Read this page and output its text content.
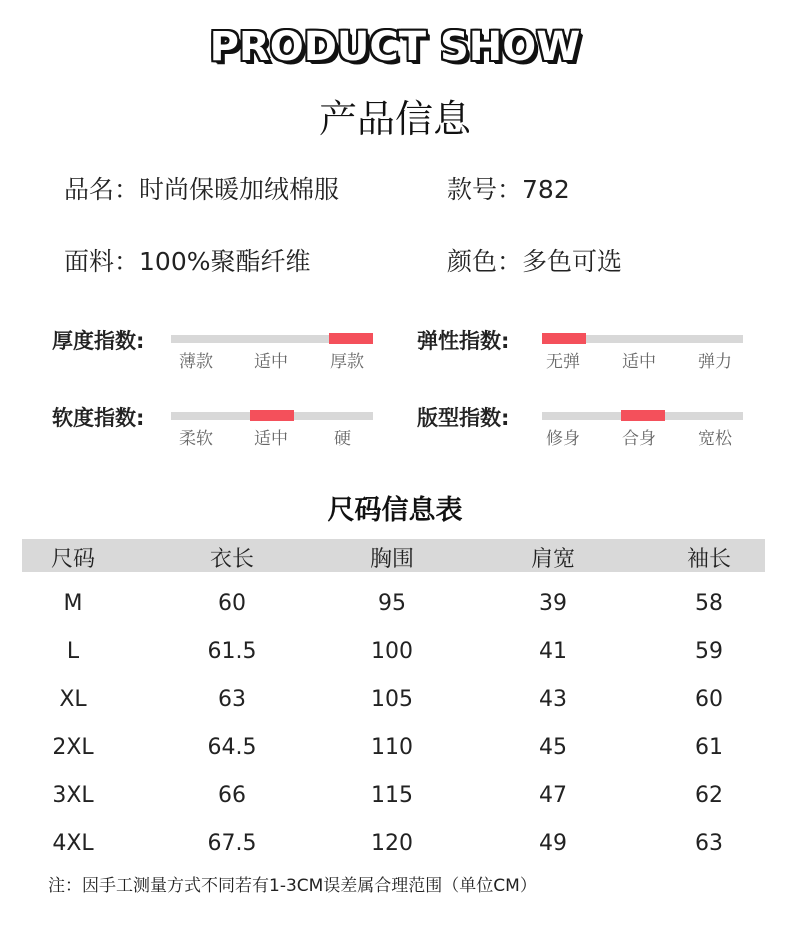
PRODUCT SHOW
产品信息
品名：时尚保暖加绒棉服	款号：782
面料：100%聚酯纤维	颜色：多色可选
厚度指数:
薄款 适中 厚款
弹性指数:
无弹 适中 弹力
软度指数:
柔软 适中	硬
版型指数:
修身 合身 宽松
尺码信息表
尺码	衣长	胸围	肩宽	袖长
M	60	95	39	58
L	61.5	100	41	59
XL	63	105	43	60
2XL	64.5	110	45	61
3XL	66	115	47	62
4XL	67.5	120	49	63
注：因手工测量方式不同若有1-3CM误差属合理范围（单位CM）
